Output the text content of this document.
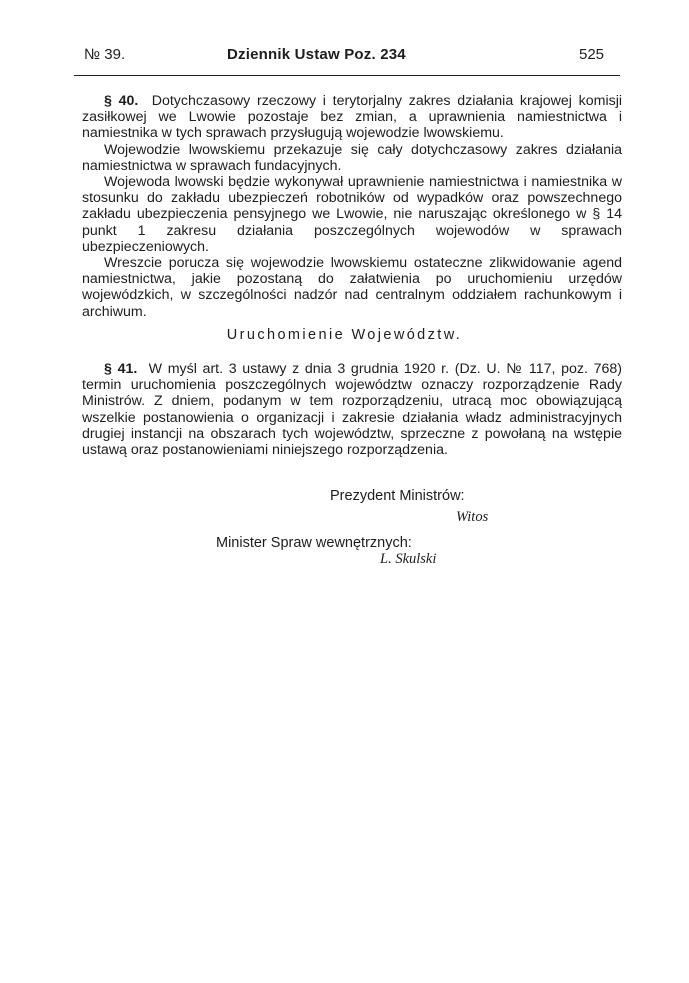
№ 39.	Dziennik Ustaw Poz. 234	525

§ 40. Dotychczasowy rzeczowy i terytorjalny zakres działania krajowej komisji zasiłkowej we Lwowie pozostaje bez zmian, a uprawnienia namiestnictwa i namiestnika w tych sprawach przysługują wojewodzie lwowskiemu.

Wojewodzie lwowskiemu przekazuje się cały dotychczasowy zakres działania namiestnictwa w sprawach fundacyjnych.

Wojewoda lwowski będzie wykonywał uprawnienie namiestnictwa i namiestnika w stosunku do zakładu ubezpieczeń robotników od wypadków oraz powszechnego zakładu ubezpieczenia pensyjnego we Lwowie, nie naruszając określonego w § 14 punkt 1 zakresu działania poszczególnych wojewodów w sprawach ubezpieczeniowych.

Wreszcie porucza się wojewodzie lwowskiemu ostateczne zlikwidowanie agend namiestnictwa, jakie pozostaną do załatwienia po uruchomieniu urzędów wojewódzkich, w szczególności nadzór nad centralnym oddziałem rachunkowym i archiwum.

Uruchomienie Województw.

§ 41. W myśl art. 3 ustawy z dnia 3 grudnia 1920 r. (Dz. U. № 117, poz. 768) termin uruchomienia poszczególnych województw oznaczy rozporządzenie Rady Ministrów. Z dniem, podanym w tem rozporządzeniu, utracą moc obowiązującą wszelkie postanowienia o organizacji i zakresie działania władz administracyjnych drugiej instancji na obszarach tych województw, sprzeczne z powołaną na wstępie ustawą oraz postanowieniami niniejszego rozporządzenia.

Prezydent Ministrów:
Witos
Minister Spraw wewnętrznych:
L. Skulski
